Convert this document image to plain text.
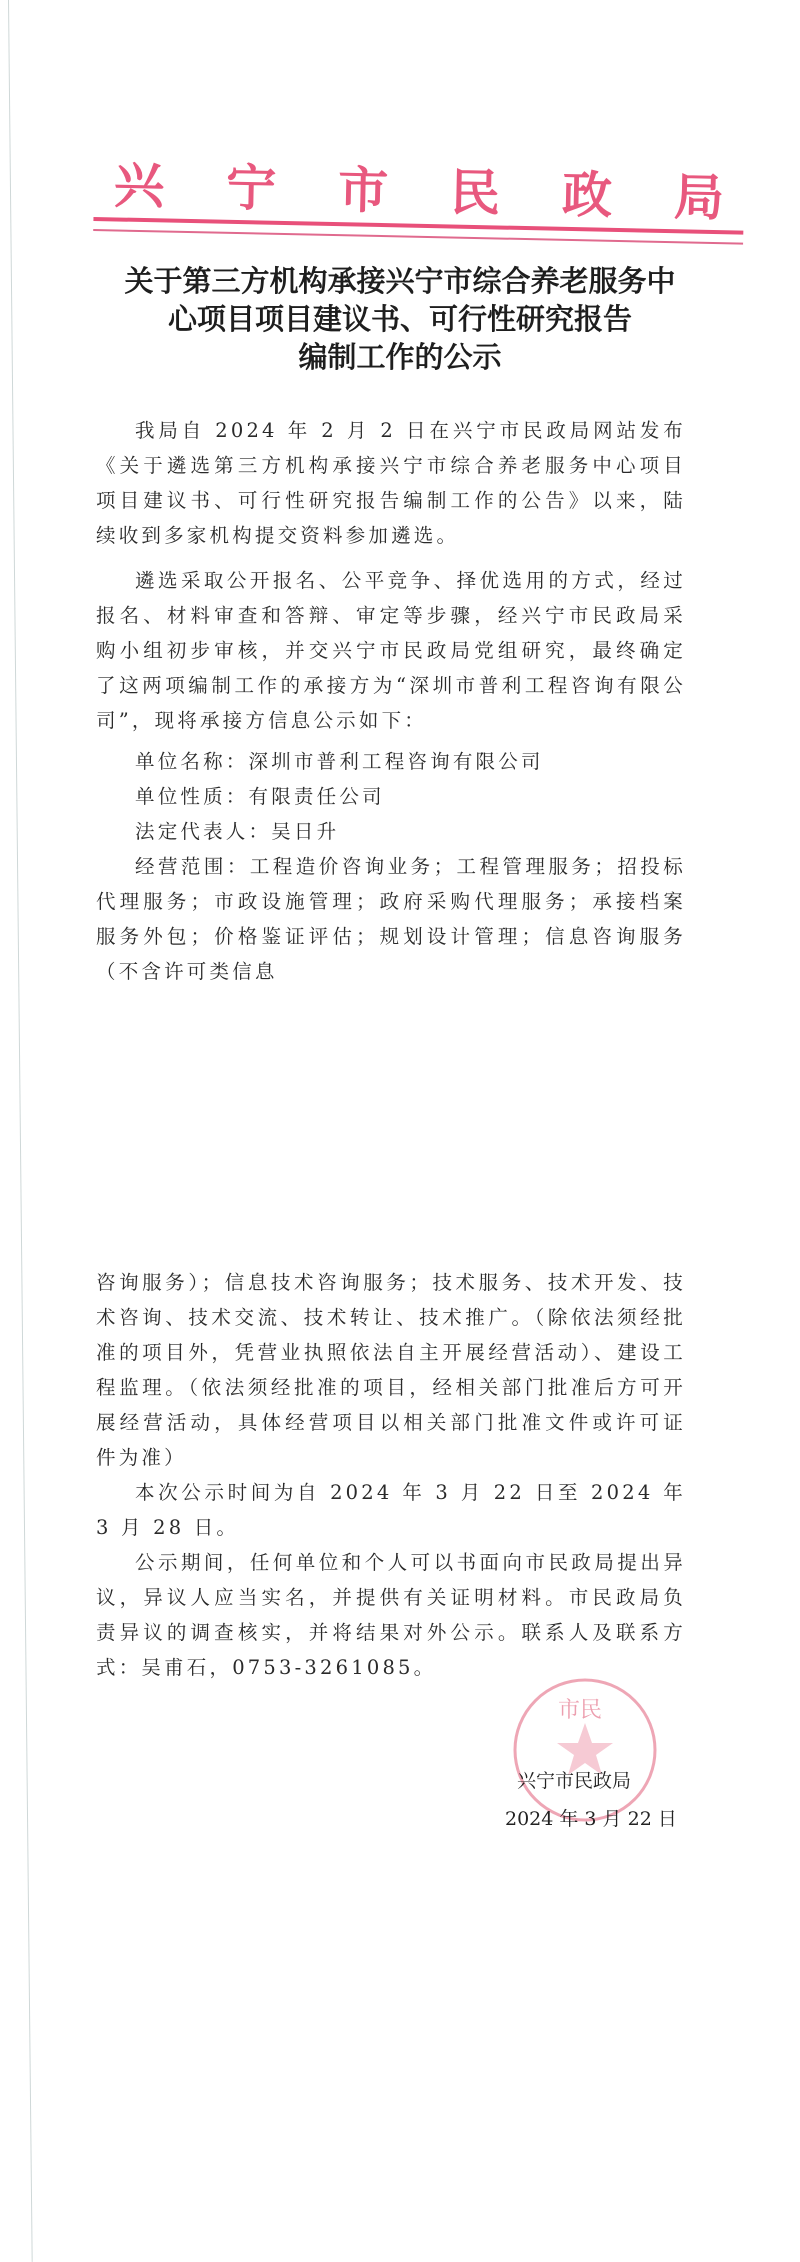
兴 宁 市 民 政 局
关于第三方机构承接兴宁市综合养老服务中
心项目项目建议书、可行性研究报告
编制工作的公示

我局自 2024 年 2 月 2 日在兴宁市民政局网站发布《关于遴选第三方机构承接兴宁市综合养老服务中心项目项目建议书、可行性研究报告编制工作的公告》以来，陆续收到多家机构提交资料参加遴选。

遴选采取公开报名、公平竞争、择优选用的方式，经过报名、材料审查和答辩、审定等步骤，经兴宁市民政局采购小组初步审核，并交兴宁市民政局党组研究，最终确定了这两项编制工作的承接方为“深圳市普利工程咨询有限公司”，现将承接方信息公示如下：

单位名称：深圳市普利工程咨询有限公司

单位性质：有限责任公司

法定代表人：吴日升

经营范围：工程造价咨询业务；工程管理服务；招投标代理服务；市政设施管理；政府采购代理服务；承接档案服务外包；价格鉴证评估；规划设计管理；信息咨询服务（不含许可类信息

咨询服务）；信息技术咨询服务；技术服务、技术开发、技术咨询、技术交流、技术转让、技术推广。（除依法须经批准的项目外，凭营业执照依法自主开展经营活动）、建设工程监理。（依法须经批准的项目，经相关部门批准后方可开展经营活动，具体经营项目以相关部门批准文件或许可证件为准）

本次公示时间为自 2024 年 3 月 22 日至 2024 年 3 月 28 日。

公示期间，任何单位和个人可以书面向市民政局提出异议，异议人应当实名，并提供有关证明材料。市民政局负责异议的调查核实，并将结果对外公示。联系人及联系方式：吴甫石，0753-3261085。

市民
兴宁市民政局
2024 年 3 月 22 日
